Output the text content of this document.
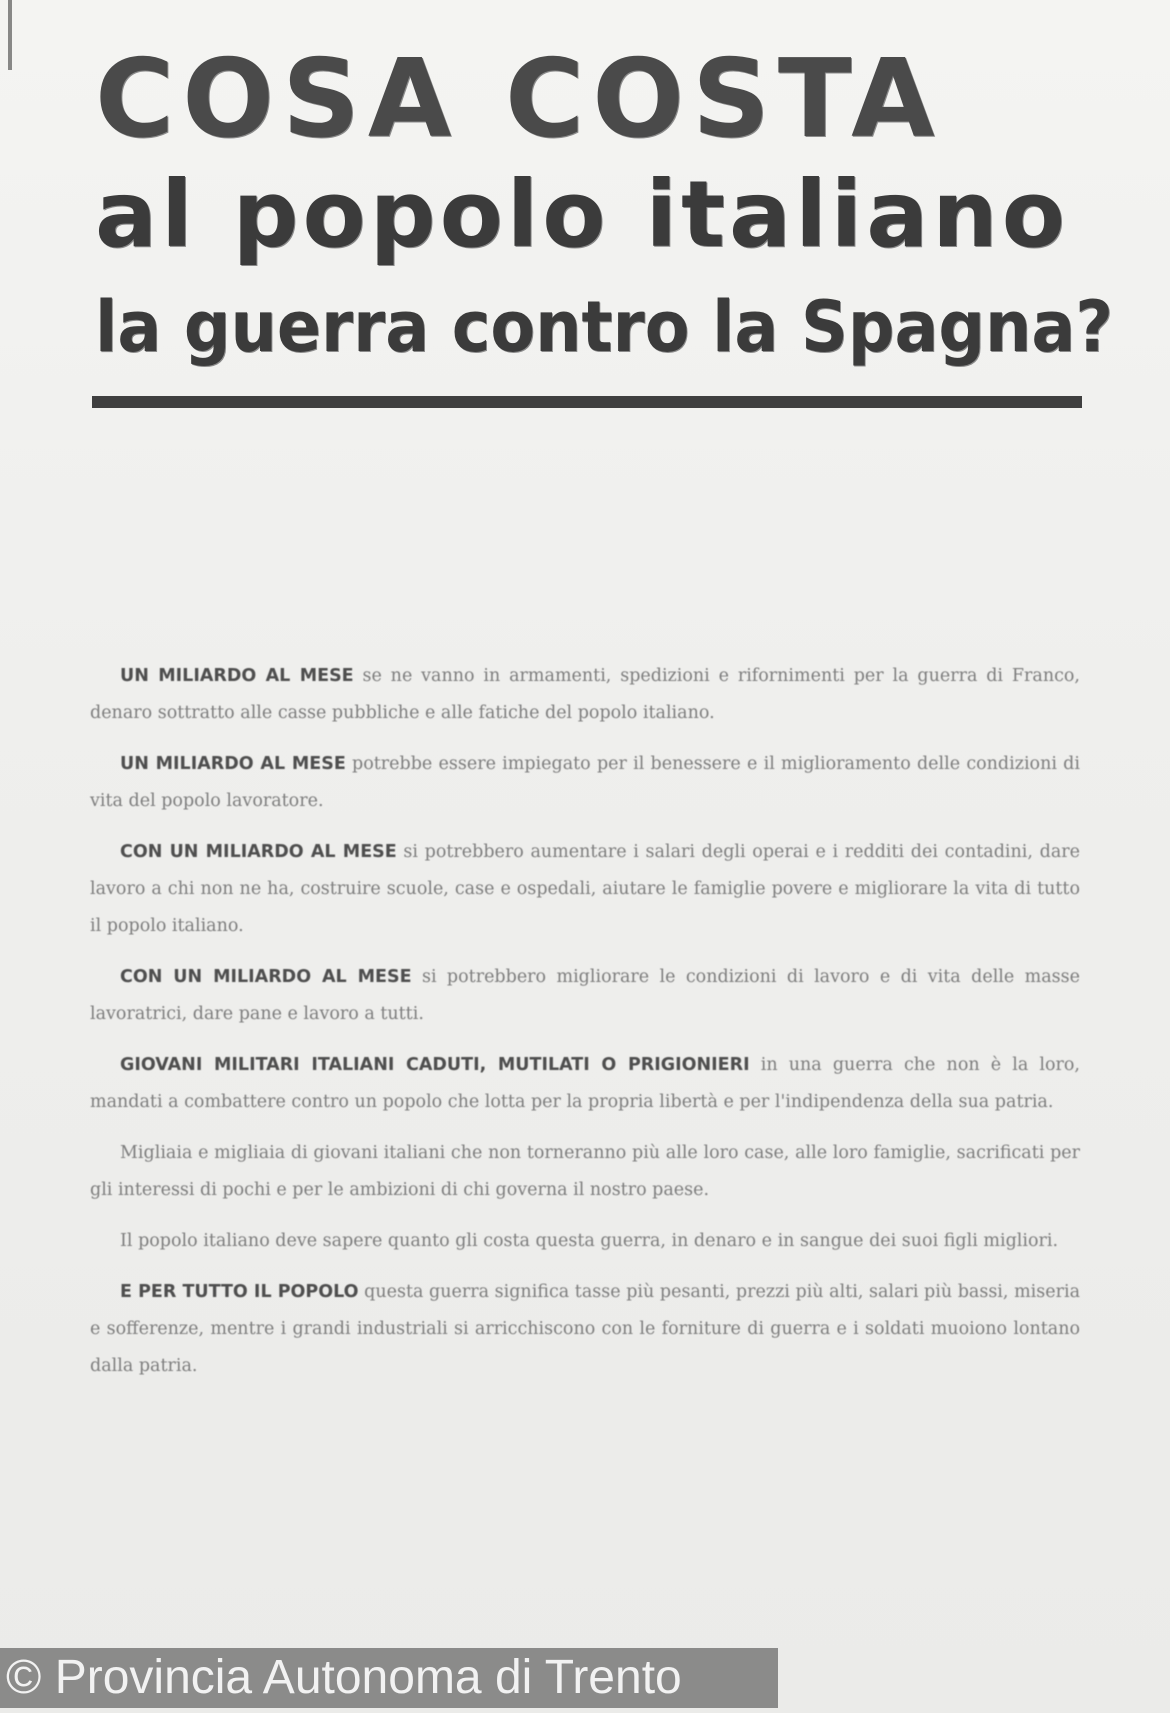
COSA COSTA
al popolo italiano
la guerra contro la Spagna?

UN MILIARDO AL MESE se ne vanno in armamenti, spedizioni e rifornimenti per la guerra di Franco, denaro sottratto alle casse pubbliche e alle fatiche del popolo italiano.

UN MILIARDO AL MESE potrebbe essere impiegato per il benessere e il miglioramento delle condizioni di vita del popolo lavoratore.

CON UN MILIARDO AL MESE si potrebbero aumentare i salari degli operai e i redditi dei contadini, dare lavoro a chi non ne ha, costruire scuole, case e ospedali, aiutare le famiglie povere e migliorare la vita di tutto il popolo italiano.

CON UN MILIARDO AL MESE si potrebbero migliorare le condizioni di lavoro e di vita delle masse lavoratrici, dare pane e lavoro a tutti.

GIOVANI MILITARI ITALIANI CADUTI, MUTILATI O PRIGIONIERI in una guerra che non è la loro, mandati a combattere contro un popolo che lotta per la propria libertà e per l'indipendenza della sua patria.

Migliaia e migliaia di giovani italiani che non torneranno più alle loro case, alle loro famiglie, sacrificati per gli interessi di pochi e per le ambizioni di chi governa il nostro paese.

Il popolo italiano deve sapere quanto gli costa questa guerra, in denaro e in sangue dei suoi figli migliori.

E PER TUTTO IL POPOLO questa guerra significa tasse più pesanti, prezzi più alti, salari più bassi, miseria e sofferenze, mentre i grandi industriali si arricchiscono con le forniture di guerra e i soldati muoiono lontano dalla patria.

© Provincia Autonoma di Trento
